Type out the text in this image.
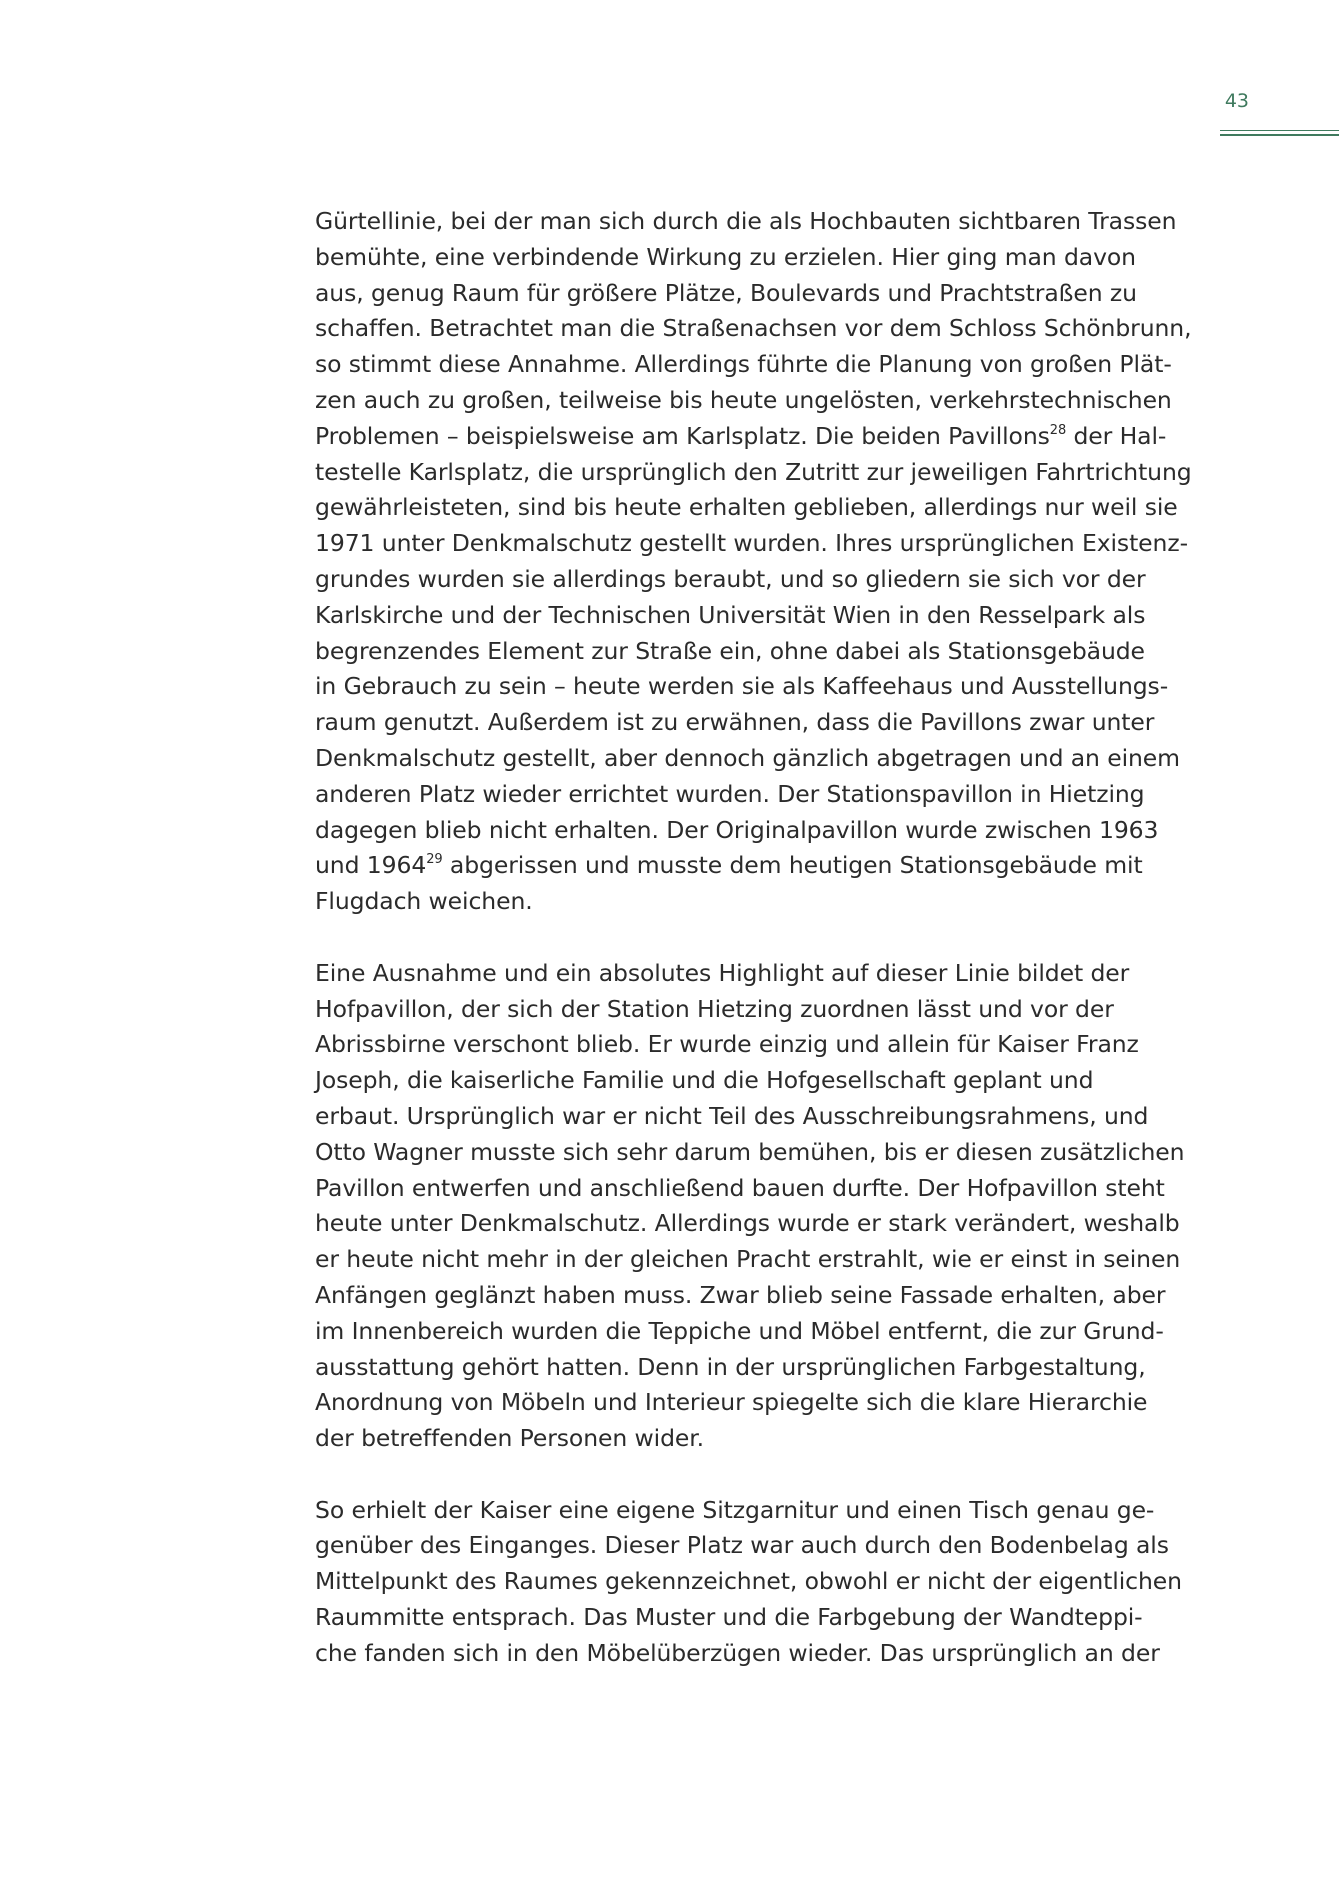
43

Gürtellinie, bei der man sich durch die als Hochbauten sichtbaren Trassen
bemühte, eine verbindende Wirkung zu erzielen. Hier ging man davon
aus, genug Raum für größere Plätze, Boulevards und Prachtstraßen zu
schaffen. Betrachtet man die Straßenachsen vor dem Schloss Schönbrunn,
so stimmt diese Annahme. Allerdings führte die Planung von großen Plät-
zen auch zu großen, teilweise bis heute ungelösten, verkehrstechnischen
Problemen – beispielsweise am Karlsplatz. Die beiden Pavillons$^{28}$ der Hal-
testelle Karlsplatz, die ursprünglich den Zutritt zur jeweiligen Fahrtrichtung
gewährleisteten, sind bis heute erhalten geblieben, allerdings nur weil sie
1971 unter Denkmalschutz gestellt wurden. Ihres ursprünglichen Existenz-
grundes wurden sie allerdings beraubt, und so gliedern sie sich vor der
Karlskirche und der Technischen Universität Wien in den Resselpark als
begrenzendes Element zur Straße ein, ohne dabei als Stationsgebäude
in Gebrauch zu sein – heute werden sie als Kaffeehaus und Ausstellungs-
raum genutzt. Außerdem ist zu erwähnen, dass die Pavillons zwar unter
Denkmalschutz gestellt, aber dennoch gänzlich abgetragen und an einem
anderen Platz wieder errichtet wurden. Der Stationspavillon in Hietzing
dagegen blieb nicht erhalten. Der Originalpavillon wurde zwischen 1963
und 1964$^{29}$ abgerissen und musste dem heutigen Stationsgebäude mit
Flugdach weichen.

Eine Ausnahme und ein absolutes Highlight auf dieser Linie bildet der
Hofpavillon, der sich der Station Hietzing zuordnen lässt und vor der
Abrissbirne verschont blieb. Er wurde einzig und allein für Kaiser Franz
Joseph, die kaiserliche Familie und die Hofgesellschaft geplant und
erbaut. Ursprünglich war er nicht Teil des Ausschreibungsrahmens, und
Otto Wagner musste sich sehr darum bemühen, bis er diesen zusätzlichen
Pavillon entwerfen und anschließend bauen durfte. Der Hofpavillon steht
heute unter Denkmalschutz. Allerdings wurde er stark verändert, weshalb
er heute nicht mehr in der gleichen Pracht erstrahlt, wie er einst in seinen
Anfängen geglänzt haben muss. Zwar blieb seine Fassade erhalten, aber
im Innenbereich wurden die Teppiche und Möbel entfernt, die zur Grund-
ausstattung gehört hatten. Denn in der ursprünglichen Farbgestaltung,
Anordnung von Möbeln und Interieur spiegelte sich die klare Hierarchie
der betreffenden Personen wider.

So erhielt der Kaiser eine eigene Sitzgarnitur und einen Tisch genau ge-
genüber des Einganges. Dieser Platz war auch durch den Bodenbelag als
Mittelpunkt des Raumes gekennzeichnet, obwohl er nicht der eigentlichen
Raummitte entsprach. Das Muster und die Farbgebung der Wandteppi-
che fanden sich in den Möbelüberzügen wieder. Das ursprünglich an der
